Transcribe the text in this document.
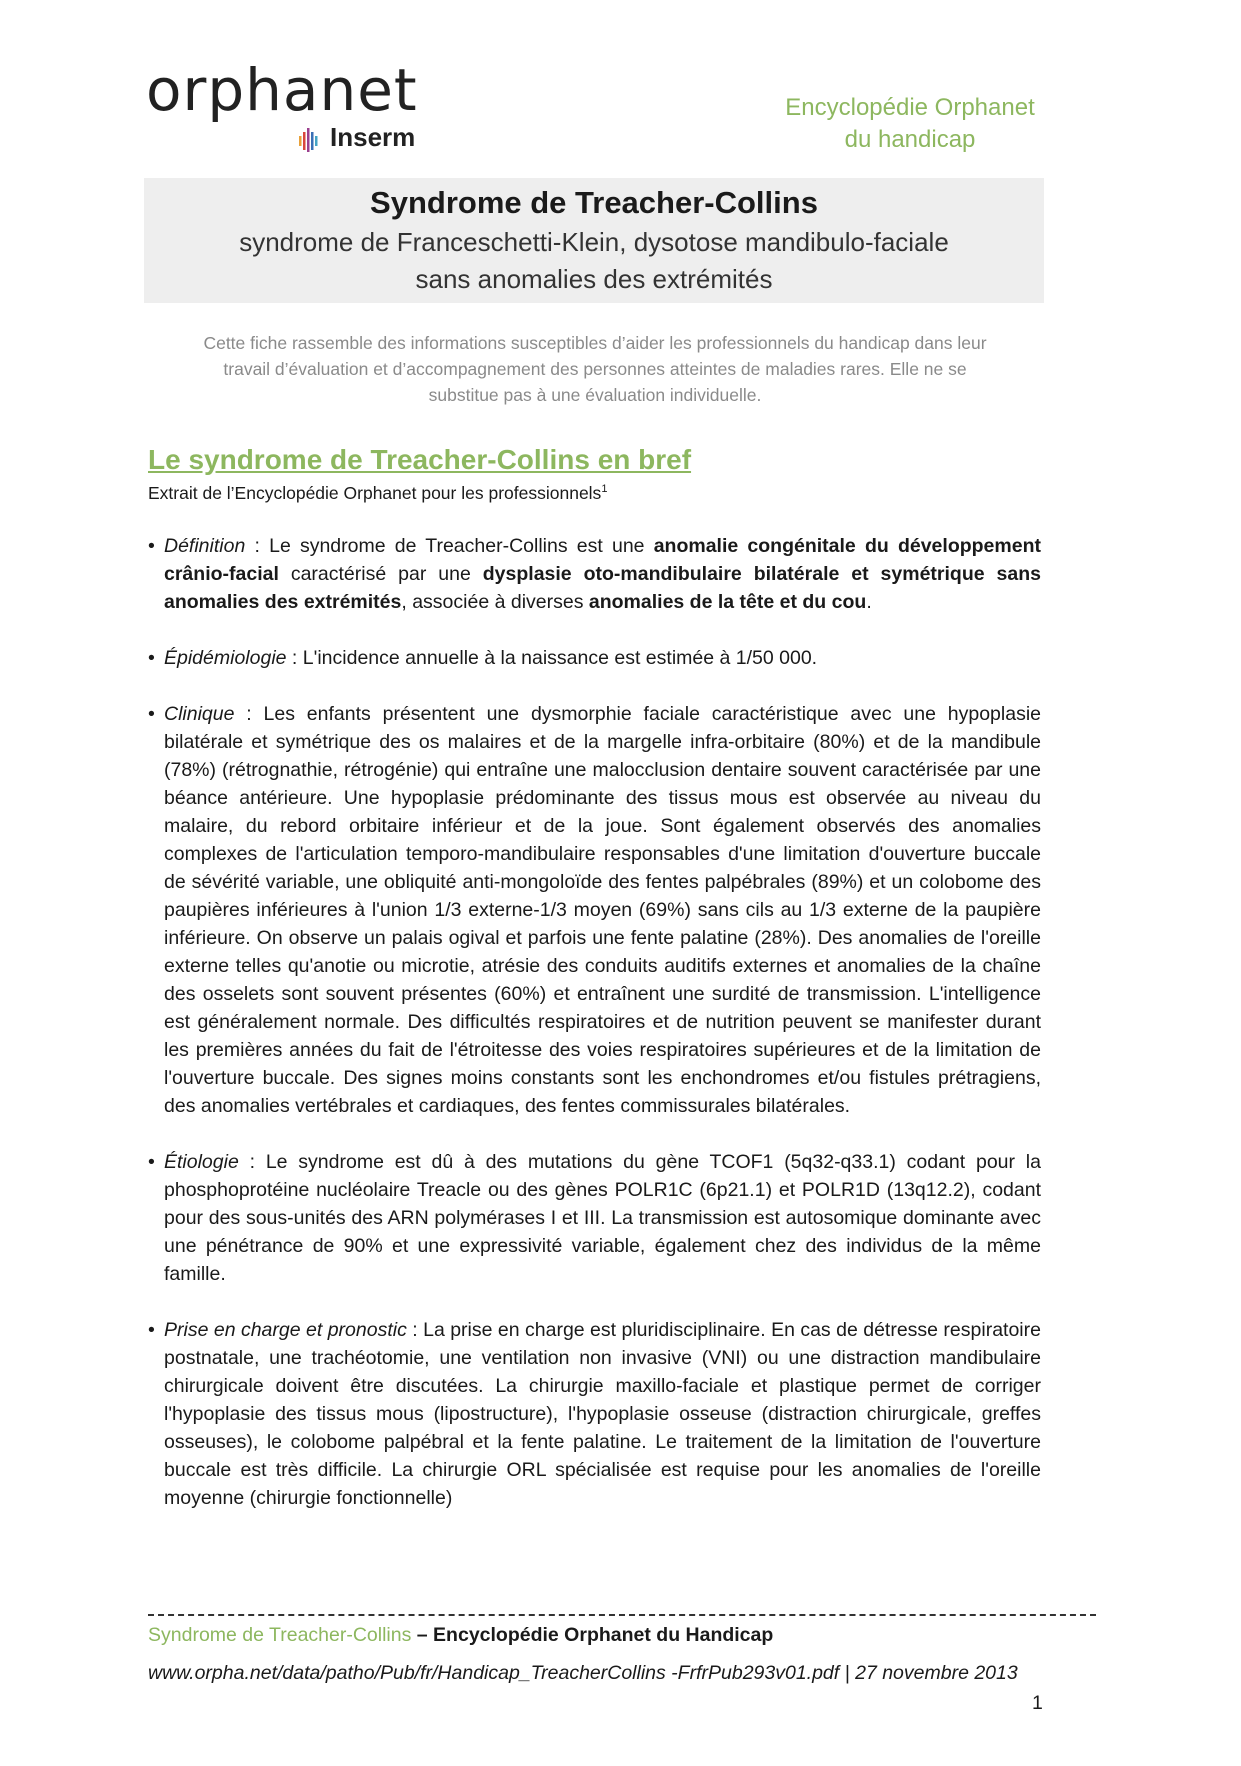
orphanet
Inserm
Encyclopédie Orphanet
du handicap
Syndrome de Treacher-Collins
syndrome de Franceschetti-Klein, dysotose mandibulo-faciale
sans anomalies des extrémités
Cette fiche rassemble des informations susceptibles d’aider les professionnels du handicap dans leur
travail d’évaluation et d’accompagnement des personnes atteintes de maladies rares. Elle ne se
substitue pas à une évaluation individuelle.
Le syndrome de Treacher-Collins en bref
Extrait de l’Encyclopédie Orphanet pour les professionnels$^1$
• Définition : Le syndrome de Treacher-Collins est une anomalie congénitale du développement crânio-facial caractérisé par une dysplasie oto-mandibulaire bilatérale et symétrique sans anomalies des extrémités, associée à diverses anomalies de la tête et du cou.
• Épidémiologie : L'incidence annuelle à la naissance est estimée à 1/50 000.
• Clinique : Les enfants présentent une dysmorphie faciale caractéristique avec une hypoplasie bilatérale et symétrique des os malaires et de la margelle infra-orbitaire (80%) et de la mandibule (78%) (rétrognathie, rétrogénie) qui entraîne une malocclusion dentaire souvent caractérisée par une béance antérieure. Une hypoplasie prédominante des tissus mous est observée au niveau du malaire, du rebord orbitaire inférieur et de la joue. Sont également observés des anomalies complexes de l'articulation temporo-mandibulaire responsables d'une limitation d'ouverture buccale de sévérité variable, une obliquité anti-mongoloïde des fentes palpébrales (89%) et un colobome des paupières inférieures à l'union 1/3 externe-1/3 moyen (69%) sans cils au 1/3 externe de la paupière inférieure. On observe un palais ogival et parfois une fente palatine (28%). Des anomalies de l'oreille externe telles qu'anotie ou microtie, atrésie des conduits auditifs externes et anomalies de la chaîne des osselets sont souvent présentes (60%) et entraînent une surdité de transmission. L'intelligence est généralement normale. Des difficultés respiratoires et de nutrition peuvent se manifester durant les premières années du fait de l'étroitesse des voies respiratoires supérieures et de la limitation de l'ouverture buccale. Des signes moins constants sont les enchondromes et/ou fistules prétragiens, des anomalies vertébrales et cardiaques, des fentes commissurales bilatérales.
• Étiologie : Le syndrome est dû à des mutations du gène TCOF1 (5q32-q33.1) codant pour la phosphoprotéine nucléolaire Treacle ou des gènes POLR1C (6p21.1) et POLR1D (13q12.2), codant pour des sous-unités des ARN polymérases I et III. La transmission est autosomique dominante avec une pénétrance de 90% et une expressivité variable, également chez des individus de la même famille.
• Prise en charge et pronostic : La prise en charge est pluridisciplinaire. En cas de détresse respiratoire postnatale, une trachéotomie, une ventilation non invasive (VNI) ou une distraction mandibulaire chirurgicale doivent être discutées. La chirurgie maxillo-faciale et plastique permet de corriger l'hypoplasie des tissus mous (lipostructure), l'hypoplasie osseuse (distraction chirurgicale, greffes osseuses), le colobome palpébral et la fente palatine. Le traitement de la limitation de l'ouverture buccale est très difficile. La chirurgie ORL spécialisée est requise pour les anomalies de l'oreille moyenne (chirurgie fonctionnelle)
Syndrome de Treacher-Collins – Encyclopédie Orphanet du Handicap
www.orpha.net/data/patho/Pub/fr/Handicap_TreacherCollins -FrfrPub293v01.pdf | 27 novembre 2013
1
